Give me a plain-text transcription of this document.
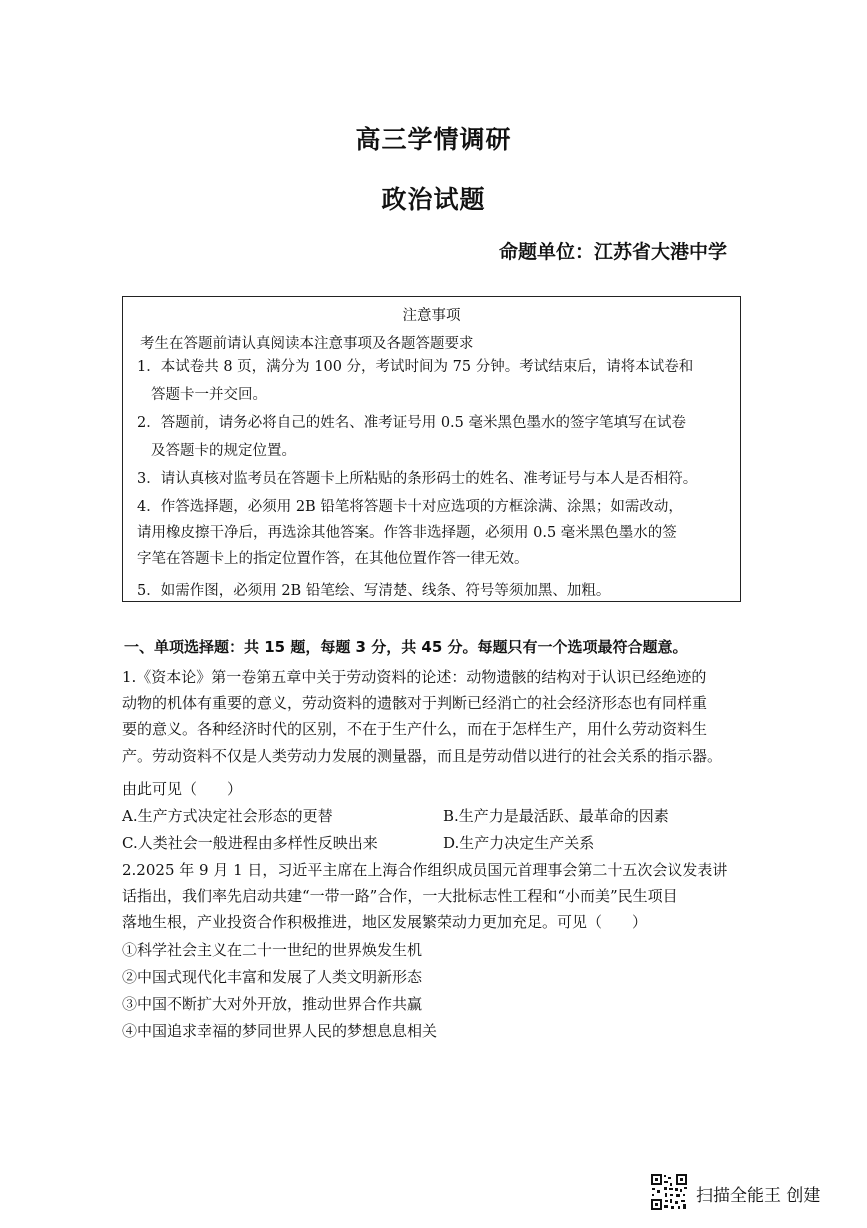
高三学情调研
政治试题
命题单位：江苏省大港中学
注意事项
考生在答题前请认真阅读本注意事项及各题答题要求
1．本试卷共 8 页，满分为 100 分，考试时间为 75 分钟。考试结束后，请将本试卷和
答题卡一并交回。
2．答题前，请务必将自己的姓名、准考证号用 0.5 毫米黑色墨水的签字笔填写在试卷
及答题卡的规定位置。
3．请认真核对监考员在答题卡上所粘贴的条形码士的姓名、准考证号与本人是否相符。
4．作答选择题，必须用 2B 铅笔将答题卡十对应选项的方框涂满、涂黑；如需改动，
请用橡皮擦干净后，再选涂其他答案。作答非选择题，必须用 0.5 毫米黑色墨水的签
字笔在答题卡上的指定位置作答，在其他位置作答一律无效。
5．如需作图，必须用 2B 铅笔绘、写清楚、线条、符号等须加黑、加粗。
一、单项选择题：共 15 题，每题 3 分，共 45 分。每题只有一个选项最符合题意。
1.《资本论》第一卷第五章中关于劳动资料的论述：动物遗骸的结构对于认识已经绝迹的
动物的机体有重要的意义，劳动资料的遗骸对于判断已经消亡的社会经济形态也有同样重
要的意义。各种经济时代的区别，不在于生产什么，而在于怎样生产，用什么劳动资料生
产。劳动资料不仅是人类劳动力发展的测量器，而且是劳动借以进行的社会关系的指示器。
由此可见（　　）
A.生产方式决定社会形态的更替	B.生产力是最活跃、最革命的因素
C.人类社会一般进程由多样性反映出来	D.生产力决定生产关系
2.2025 年 9 月 1 日，习近平主席在上海合作组织成员国元首理事会第二十五次会议发表讲
话指出，我们率先启动共建“一带一路”合作，一大批标志性工程和“小而美”民生项目
落地生根，产业投资合作积极推进，地区发展繁荣动力更加充足。可见（　　）
①科学社会主义在二十一世纪的世界焕发生机
②中国式现代化丰富和发展了人类文明新形态
③中国不断扩大对外开放，推动世界合作共赢
④中国追求幸福的梦同世界人民的梦想息息相关
扫描全能王 创建
